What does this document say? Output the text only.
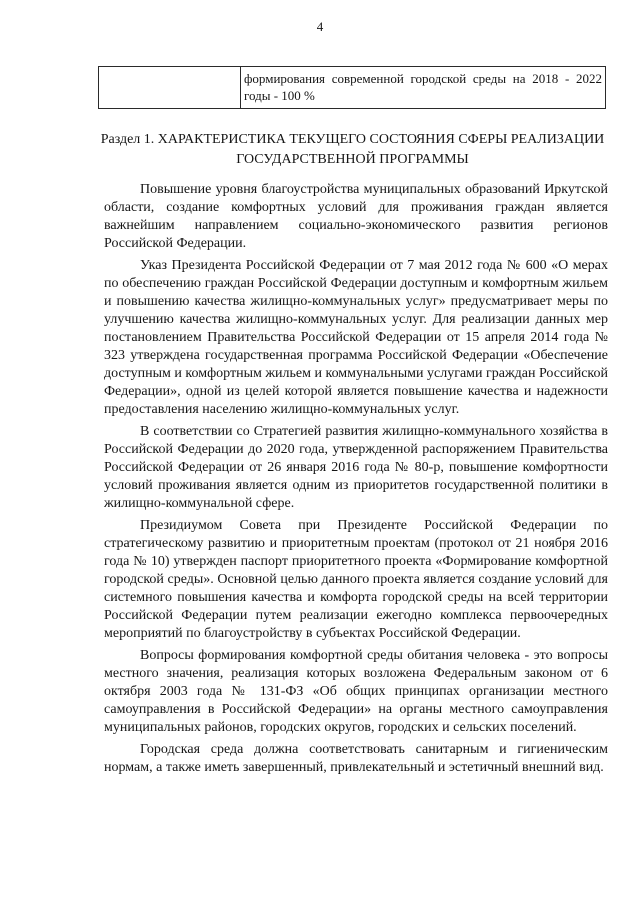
4
формирования современной городской среды на 2018 - 2022 годы - 100 %
Раздел 1. ХАРАКТЕРИСТИКА ТЕКУЩЕГО СОСТОЯНИЯ СФЕРЫ РЕАЛИЗАЦИИ ГОСУДАРСТВЕННОЙ ПРОГРАММЫ

Повышение уровня благоустройства муниципальных образований Иркутской области, создание комфортных условий для проживания граждан является важнейшим направлением социально-экономического развития регионов Российской Федерации.

Указ Президента Российской Федерации от 7 мая 2012 года № 600 «О мерах по обеспечению граждан Российской Федерации доступным и комфортным жильем и повышению качества жилищно-коммунальных услуг» предусматривает меры по улучшению качества жилищно-коммунальных услуг. Для реализации данных мер постановлением Правительства Российской Федерации от 15 апреля 2014 года № 323 утверждена государственная программа Российской Федерации «Обеспечение доступным и комфортным жильем и коммунальными услугами граждан Российской Федерации», одной из целей которой является повышение качества и надежности предоставления населению жилищно-коммунальных услуг.

В соответствии со Стратегией развития жилищно-коммунального хозяйства в Российской Федерации до 2020 года, утвержденной распоряжением Правительства Российской Федерации от 26 января 2016 года № 80-р, повышение комфортности условий проживания является одним из приоритетов государственной политики в жилищно-коммунальной сфере.

Президиумом Совета при Президенте Российской Федерации по стратегическому развитию и приоритетным проектам (протокол от 21 ноября 2016 года № 10) утвержден паспорт приоритетного проекта «Формирование комфортной городской среды». Основной целью данного проекта является создание условий для системного повышения качества и комфорта городской среды на всей территории Российской Федерации путем реализации ежегодно комплекса первоочередных мероприятий по благоустройству в субъектах Российской Федерации.

Вопросы формирования комфортной среды обитания человека - это вопросы местного значения, реализация которых возложена Федеральным законом от 6 октября 2003 года № 131-ФЗ «Об общих принципах организации местного самоуправления в Российской Федерации» на органы местного самоуправления муниципальных районов, городских округов, городских и сельских поселений.

Городская среда должна соответствовать санитарным и гигиеническим нормам, а также иметь завершенный, привлекательный и эстетичный внешний вид.
